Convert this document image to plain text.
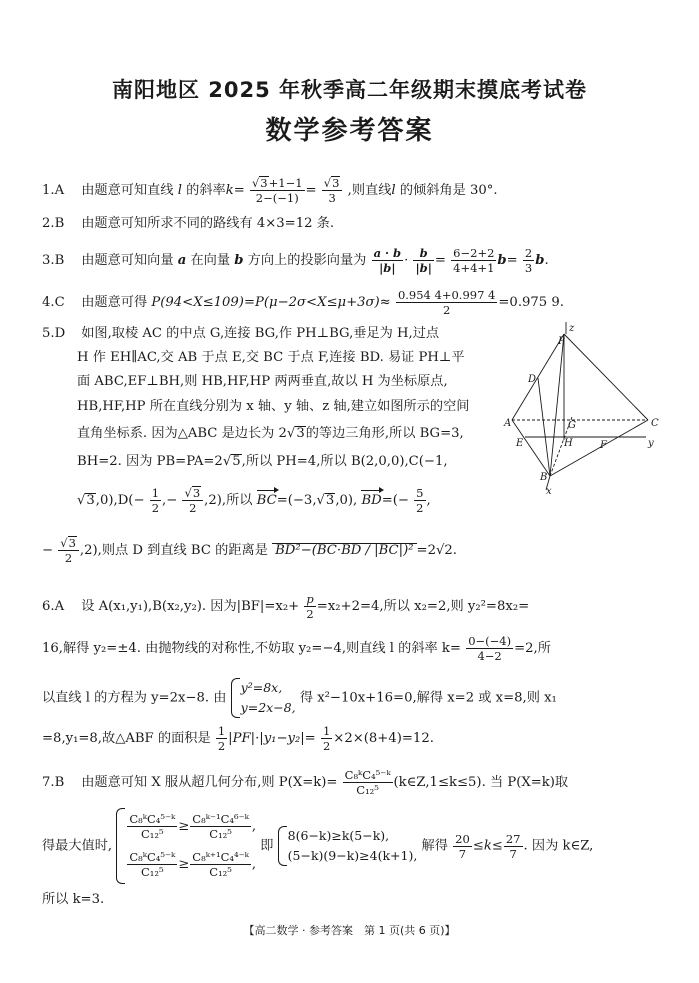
南阳地区 2025 年秋季高二年级期末摸底考试卷
数学参考答案
1.A 由题意可知直线 l 的斜率$k= \frac{√3+1-1}{2-(-1)} = \frac{√3}{3}$ ,则直线l 的倾斜角是 30°.
2.B 由题意可知所求不同的路线有 4×3=12 条.
3.B 由题意可知向量 a 在向量 b 方向上的投影向量为 $\frac{a \cdot b}{|b|} \cdot \frac{b}{|b|} = \frac{6-2+2}{4+4+1} b= \frac{2}{3} b$.
4.C 由题意可得 $P(94<X\le 109)=P(\mu-2\sigma<X\le\mu+3\sigma)\approx \frac{0.954 4+0.997 4}{2} =0.975$ 9.
5.D 如图,取棱 AC 的中点 G,连接 BG,作 PH⊥BG,垂足为 H,过点
H 作 EH∥AC,交 AB 于点 E,交 BC 于点 F,连接 BD. 易证 PH⊥平
面 ABC,EF⊥BH,则 HB,HF,HP 两两垂直,故以 H 为坐标原点,
HB,HF,HP 所在直线分别为 x 轴、y 轴、z 轴,建立如图所示的空间
直角坐标系. 因为△ABC 是边长为 2√3的等边三角形,所以 BG=3,
BH=2. 因为 PB=PA=2√5,所以 PH=4,所以 B(2,0,0),C(−1,
$√3,0),D(- \frac{1}{2}$ ,− $\frac{√3}{2} ,2$),所以 BC=(−3,√3,0), $BD=(- \frac{5}{2}$ ,
− $\frac{√3}{2} ,2$),则点 D 到直线 BC 的距离是 BD²−(BC·BD / |BC|)² =2√2.
P
z
D
G
A	C
H
E	F	y
B
x
6.A 设 A(x₁,y₁),B(x₂,y₂). 因为$|BF|=x_2+ \frac{p}{2} =x_2+2=4$,所以 x₂=2,则 y₂²=8x₂=
16,解得 y₂=±4. 由抛物线的对称性,不妨取 y₂=−4,则直线 l 的斜率 $k= \frac{0-(-4)}{4-2} =2$,所
以直线 l 的方程为 y=2x−8. 由
y²=8x,
y=2x−8,
得 x²−10x+16=0,解得 x=2 或 x=8,则 x₁
=8,y₁=8,故△ABF 的面积是 $\frac{1}{2} |PF|\cdot|y_1-y_2|= \frac{1}{2} \times 2\times(8+4)=12$.
7.B 由题意可知 X 服从超几何分布,则 $P(X=k)= \frac{\text{C₈ᵏC₄⁵⁻ᵏ}}{\text{C₁₂⁵}}$ (k∈Z,1≤k≤5). 当 P(X=k)取
得最大值时,
$\frac{\text{C₈ᵏC₄⁵⁻ᵏ}}{\text{C₁₂⁵}} \ge \frac{\text{C₈ᵏ⁻¹C₄⁶⁻ᵏ}}{\text{C₁₂⁵}}$ ,
$\frac{\text{C₈ᵏC₄⁵⁻ᵏ}}{\text{C₁₂⁵}} \ge \frac{\text{C₈ᵏ⁺¹C₄⁴⁻ᵏ}}{\text{C₁₂⁵}}$ ,
即
8(6−k)≥k(5−k),
(5−k)(9−k)≥4(k+1),
解得 $\frac{20}{7} \le k\le \frac{27}{7}$ . 因为 k∈Z,
所以 k=3.
【高二数学 · 参考答案　第 1 页(共 6 页)】
